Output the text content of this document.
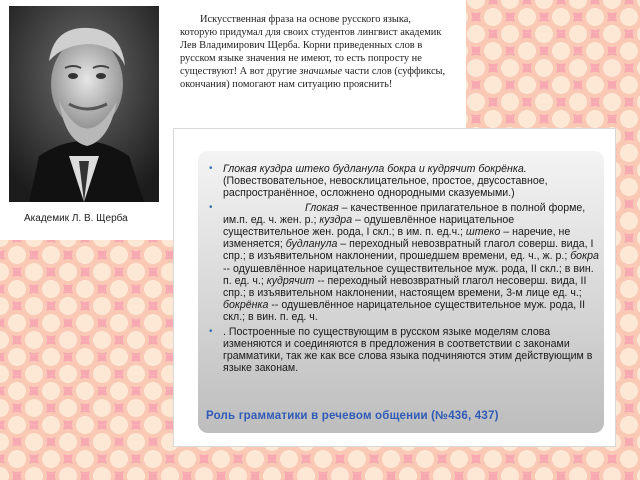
Академик Л. В. Щерба
Искусственная фраза на основе русского языка, которую придумал для своих студентов лингвист академик Лев Владимирович Щерба. Корни приведенных слов в русском языке значения не имеют, то есть попросту не существуют! А вот другие значимые части слов (суффиксы, окончания) помогают нам ситуацию прояснить!
• Глокая куздра штеко будланула бокра и кудрячит бокрёнка. (Повествовательное, невосклицательное, простое, двусоставное, распространённое, осложнено однородными сказуемыми.)
•	Глокая – качественное прилагательное в полной форме, им.п. ед. ч. жен. р.; куздра – одушевлённое нарицательное существительное жен. рода, I скл.; в им. п. ед.ч.; штеко – наречие, не изменяется; будланула – переходный невозвратный глагол соверш. вида, I спр.; в изъявительном наклонении, прошедшем времени, ед. ч., ж. р.; бокра -- одушевлённое нарицательное существительное муж. рода, II скл.; в вин. п. ед. ч.; кудрячит -- переходный невозвратный глагол несоверш. вида, II спр.; в изъявительном наклонении, настоящем времени, 3-м лице ед. ч.; бокрёнка -- одушевлённое нарицательное существительное муж. рода, II скл.; в вин. п. ед. ч.
• . Построенные по существующим в русском языке моделям слова изменяются и соединяются в предложения в соответствии с законами грамматики, так же как все слова языка подчиняются этим действующим в языке законам.
Роль грамматики в речевом общении (№436, 437)
